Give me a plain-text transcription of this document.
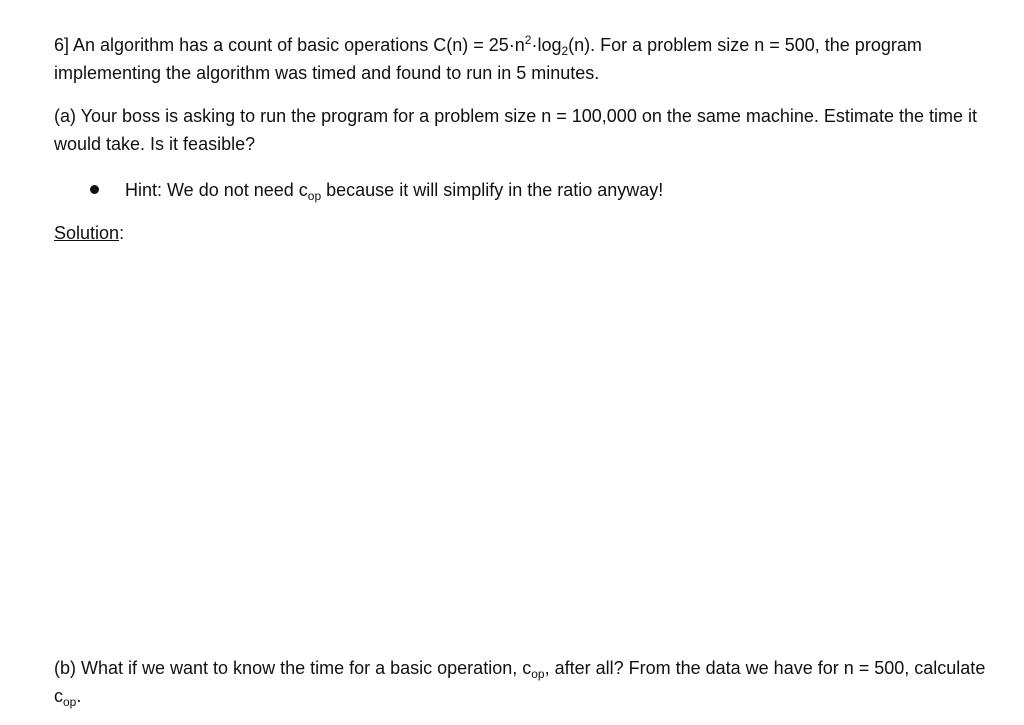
6] An algorithm has a count of basic operations $C(n) = 25\cdot n^2\cdot\log_2(n)$. For a problem size n = 500, the program implementing the algorithm was timed and found to run in 5 minutes.

(a) Your boss is asking to run the program for a problem size n = 100,000 on the same machine. Estimate the time it would take. Is it feasible?

Hint: We do not need $c_{op}$ because it will simplify in the ratio anyway!

Solution:

(b) What if we want to know the time for a basic operation, $c_{op}$, after all? From the data we have for n = 500, calculate $c_{op}$.
